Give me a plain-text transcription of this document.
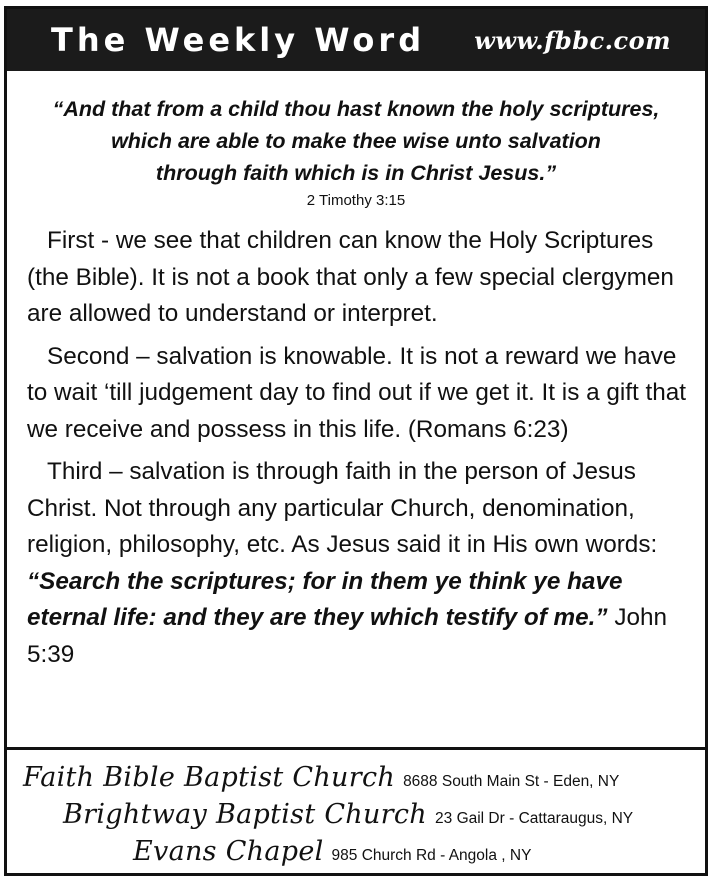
The Weekly Word www.fbbc.com
“And that from a child thou hast known the holy scriptures,
which are able to make thee wise unto salvation
through faith which is in Christ Jesus.”
2 Timothy 3:15

First - we see that children can know the Holy Scriptures (the Bible). It is not a book that only a few special clergymen are allowed to understand or interpret.

Second – salvation is knowable. It is not a reward we have to wait ‘till judgement day to find out if we get it. It is a gift that we receive and possess in this life. (Romans 6:23)

Third – salvation is through faith in the person of Jesus Christ. Not through any particular Church, denomination, religion, philosophy, etc. As Jesus said it in His own words: “Search the scriptures; for in them ye think ye have eternal life: and they are they which testify of me.” John 5:39

Faith Bible Baptist Church 8688 South Main St - Eden, NY
Brightway Baptist Church 23 Gail Dr - Cattaraugus, NY
Evans Chapel 985 Church Rd - Angola , NY
